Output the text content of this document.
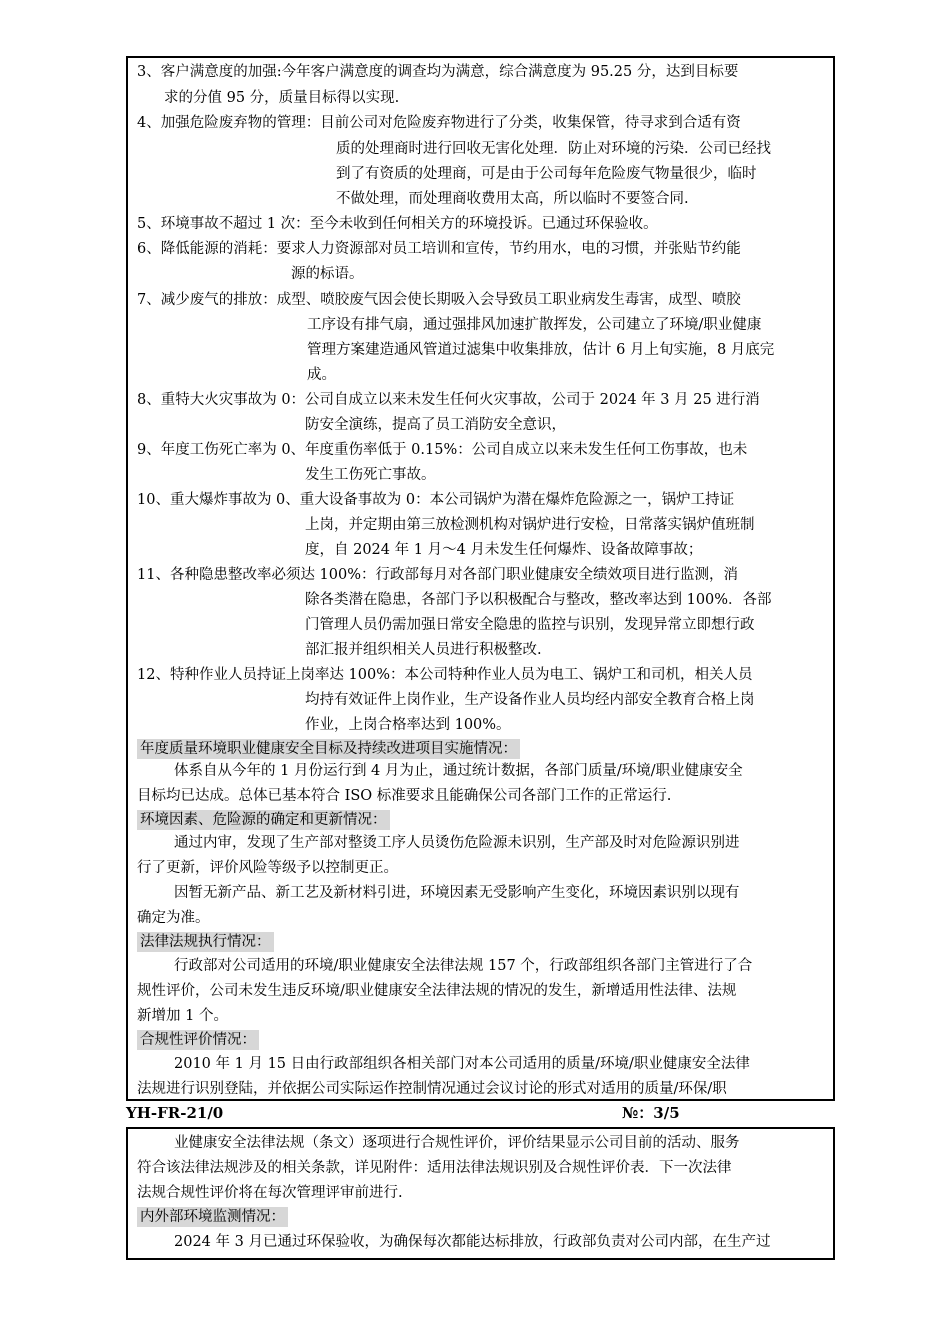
3、客户满意度的加强:今年客户满意度的调查均为满意，综合满意度为 95.25 分，达到目标要
求的分值 95 分，质量目标得以实现.
4、加强危险废弃物的管理：目前公司对危险废弃物进行了分类，收集保管，待寻求到合适有资
质的处理商时进行回收无害化处理．防止对环境的污染．公司已经找
到了有资质的处理商，可是由于公司每年危险废气物量很少，临时
不做处理，而处理商收费用太高，所以临时不要签合同.
5、环境事故不超过 1 次：至今未收到任何相关方的环境投诉。已通过环保验收。
6、降低能源的消耗：要求人力资源部对员工培训和宣传，节约用水，电的习惯，并张贴节约能
源的标语。
7、减少废气的排放：成型、喷胶废气因会使长期吸入会导致员工职业病发生毒害，成型、喷胶
工序设有排气扇，通过强排风加速扩散挥发，公司建立了环境/职业健康
管理方案建造通风管道过滤集中收集排放，估计 6 月上旬实施，8 月底完
成。
8、重特大火灾事故为 0：公司自成立以来未发生任何火灾事故，公司于 2024 年 3 月 25 进行消
防安全演练，提高了员工消防安全意识，
9、年度工伤死亡率为 0、年度重伤率低于 0.15%：公司自成立以来未发生任何工伤事故，也未
发生工伤死亡事故。
10、重大爆炸事故为 0、重大设备事故为 0：本公司锅炉为潜在爆炸危险源之一，锅炉工持证
上岗，并定期由第三放检测机构对锅炉进行安检，日常落实锅炉值班制
度，自 2024 年 1 月～4 月未发生任何爆炸、设备故障事故；
11、各种隐患整改率必须达 100%：行政部每月对各部门职业健康安全绩效项目进行监测，消
除各类潜在隐患，各部门予以积极配合与整改，整改率达到 100%．各部
门管理人员仍需加强日常安全隐患的监控与识别，发现异常立即想行政
部汇报并组织相关人员进行积极整改.
12、特种作业人员持证上岗率达 100%：本公司特种作业人员为电工、锅炉工和司机，相关人员
均持有效证件上岗作业，生产设备作业人员均经内部安全教育合格上岗
作业，上岗合格率达到 100%。
年度质量环境职业健康安全目标及持续改进项目实施情况：
体系自从今年的 1 月份运行到 4 月为止，通过统计数据，各部门质量/环境/职业健康安全
目标均已达成。总体已基本符合 ISO 标准要求且能确保公司各部门工作的正常运行.
环境因素、危险源的确定和更新情况：
通过内审，发现了生产部对整烫工序人员烫伤危险源未识别，生产部及时对危险源识别进
行了更新，评价风险等级予以控制更正。
因暂无新产品、新工艺及新材料引进，环境因素无受影响产生变化，环境因素识别以现有
确定为准。
法律法规执行情况：
行政部对公司适用的环境/职业健康安全法律法规 157 个，行政部组织各部门主管进行了合
规性评价，公司未发生违反环境/职业健康安全法律法规的情况的发生，新增适用性法律、法规
新增加 1 个。
合规性评价情况：
2010 年 1 月 15 日由行政部组织各相关部门对本公司适用的质量/环境/职业健康安全法律
法规进行识别登陆，并依据公司实际运作控制情况通过会议讨论的形式对适用的质量/环保/职
YH-FR-21/0	№：3/5
业健康安全法律法规（条文）逐项进行合规性评价，评价结果显示公司目前的活动、服务
符合该法律法规涉及的相关条款，详见附件：适用法律法规识别及合规性评价表．下一次法律
法规合规性评价将在每次管理评审前进行.
内外部环境监测情况：
2024 年 3 月已通过环保验收，为确保每次都能达标排放，行政部负责对公司内部，在生产过
